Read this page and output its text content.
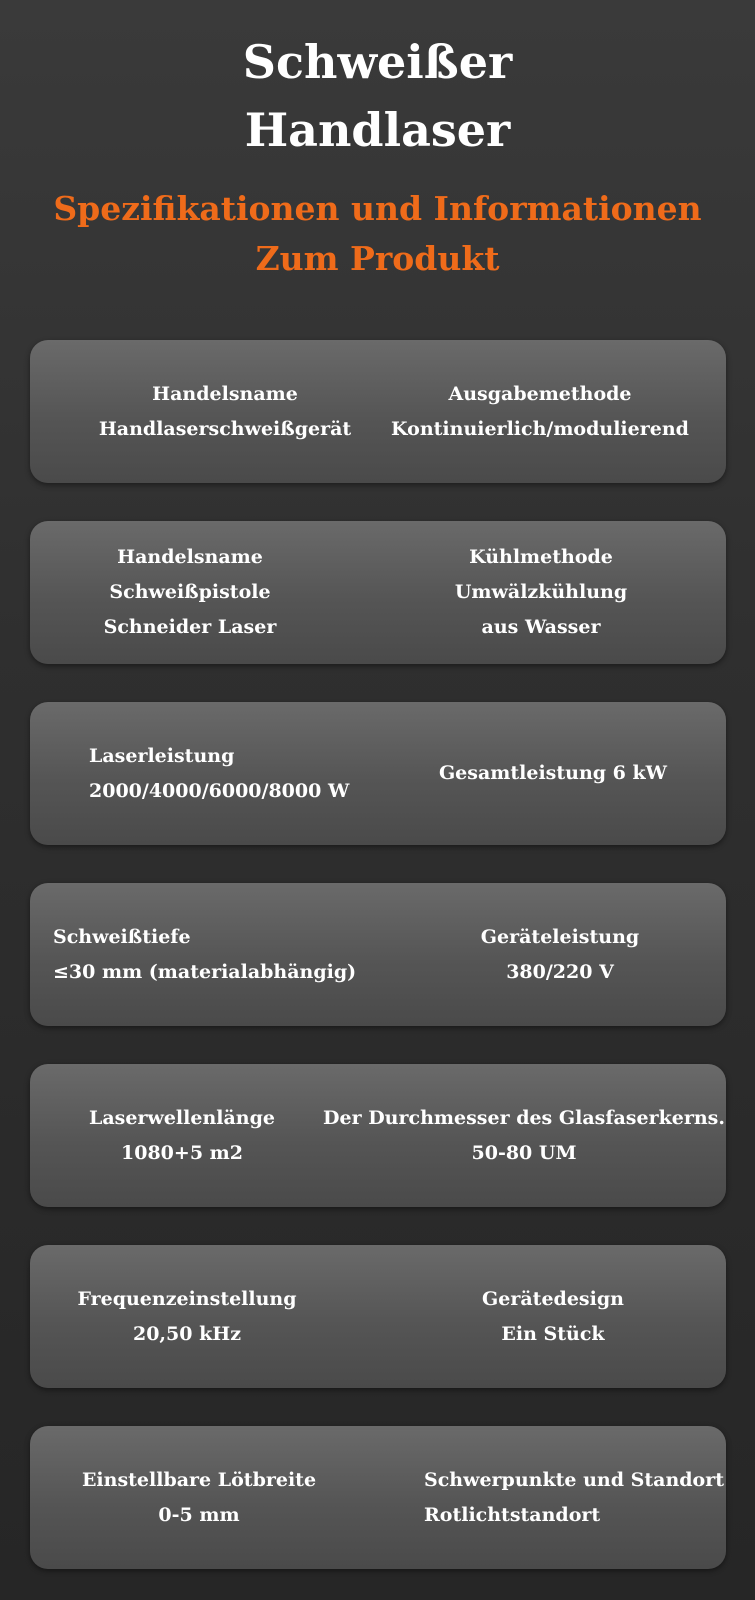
Schweißer
Handlaser
Spezifikationen und Informationen
Zum Produkt
Handelsname
Handlaserschweißgerät
Ausgabemethode
Kontinuierlich/modulierend
Handelsname
Schweißpistole
Schneider Laser
Kühlmethode
Umwälzkühlung
aus Wasser
Laserleistung
2000/4000/6000/8000 W
Gesamtleistung 6 kW
Schweißtiefe
≤30 mm (materialabhängig)
Geräteleistung
380/220 V
Laserwellenlänge
1080+5 m2
Der Durchmesser des Glasfaserkerns.
50-80 UM
Frequenzeinstellung
20,50 kHz
Gerätedesign
Ein Stück
Einstellbare Lötbreite
0-5 mm
Schwerpunkte und Standort
Rotlichtstandort
